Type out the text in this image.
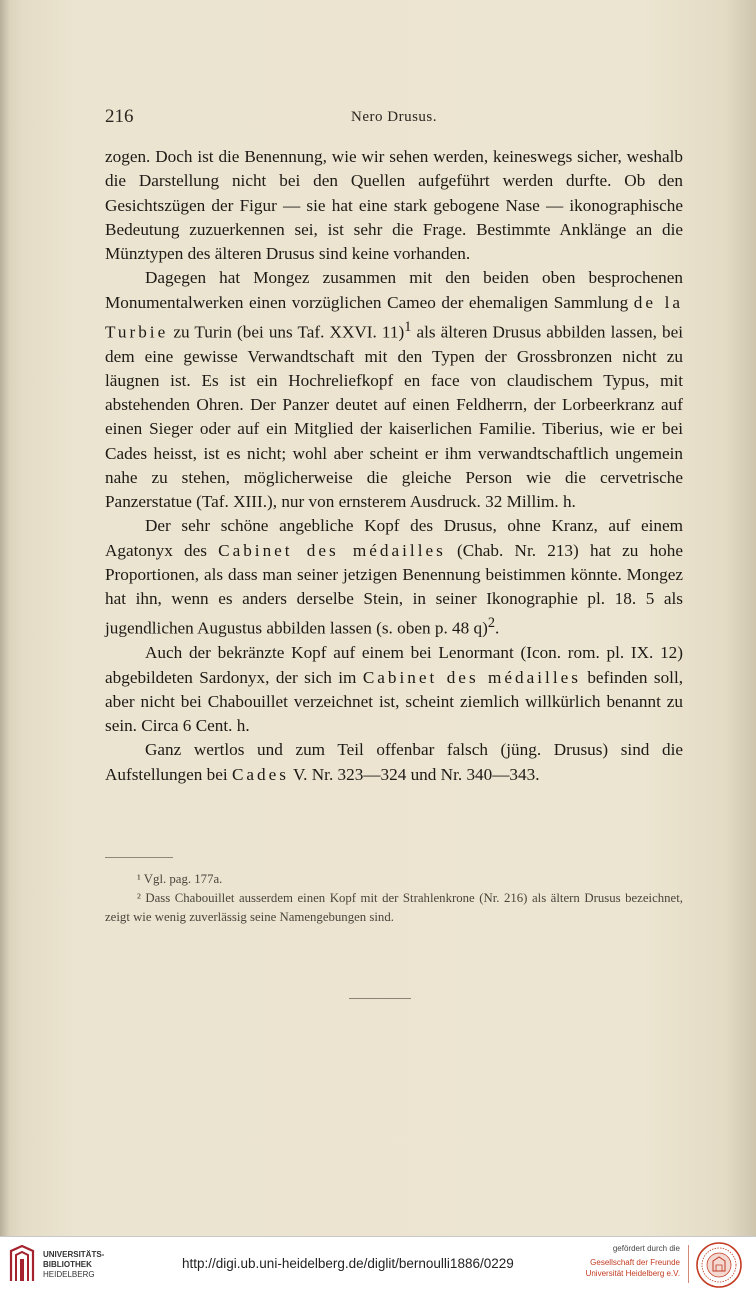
216	Nero Drusus.

zogen. Doch ist die Benennung, wie wir sehen werden, keineswegs sicher, weshalb die Darstellung nicht bei den Quellen aufgeführt werden durfte. Ob den Gesichtszügen der Figur — sie hat eine stark gebogene Nase — ikonographische Bedeutung zuzuerkennen sei, ist sehr die Frage. Bestimmte Anklänge an die Münztypen des älteren Drusus sind keine vorhanden.

Dagegen hat Mongez zusammen mit den beiden oben besprochenen Monumentalwerken einen vorzüglichen Cameo der ehemaligen Sammlung de la Turbie zu Turin (bei uns Taf. XXVI. 11)$^1$ als älteren Drusus abbilden lassen, bei dem eine gewisse Verwandtschaft mit den Typen der Grossbronzen nicht zu läugnen ist. Es ist ein Hochreliefkopf en face von claudischem Typus, mit abstehenden Ohren. Der Panzer deutet auf einen Feldherrn, der Lorbeerkranz auf einen Sieger oder auf ein Mitglied der kaiserlichen Familie. Tiberius, wie er bei Cades heisst, ist es nicht; wohl aber scheint er ihm verwandtschaftlich ungemein nahe zu stehen, möglicherweise die gleiche Person wie die cervetrische Panzerstatue (Taf. XIII.), nur von ernsterem Ausdruck. 32 Millim. h.

Der sehr schöne angebliche Kopf des Drusus, ohne Kranz, auf einem Agatonyx des Cabinet des médailles (Chab. Nr. 213) hat zu hohe Proportionen, als dass man seiner jetzigen Benennung beistimmen könnte. Mongez hat ihn, wenn es anders derselbe Stein, in seiner Ikonographie pl. 18. 5 als jugendlichen Augustus abbilden lassen (s. oben p. 48 q)$^2$.

Auch der bekränzte Kopf auf einem bei Lenormant (Icon. rom. pl. IX. 12) abgebildeten Sardonyx, der sich im Cabinet des médailles befinden soll, aber nicht bei Chabouillet verzeichnet ist, scheint ziemlich willkürlich benannt zu sein. Circa 6 Cent. h.

Ganz wertlos und zum Teil offenbar falsch (jüng. Drusus) sind die Aufstellungen bei Cades V. Nr. 323—324 und Nr. 340—343.

¹ Vgl. pag. 177a.

² Dass Chabouillet ausserdem einen Kopf mit der Strahlenkrone (Nr. 216) als ältern Drusus bezeichnet, zeigt wie wenig zuverlässig seine Namengebungen sind.

UNIVERSITÄTS-
BIBLIOTHEK
HEIDELBERG
http://digi.ub.uni-heidelberg.de/diglit/bernoulli1886/0229
gefördert durch die
Gesellschaft der Freunde
Universität Heidelberg e.V.
